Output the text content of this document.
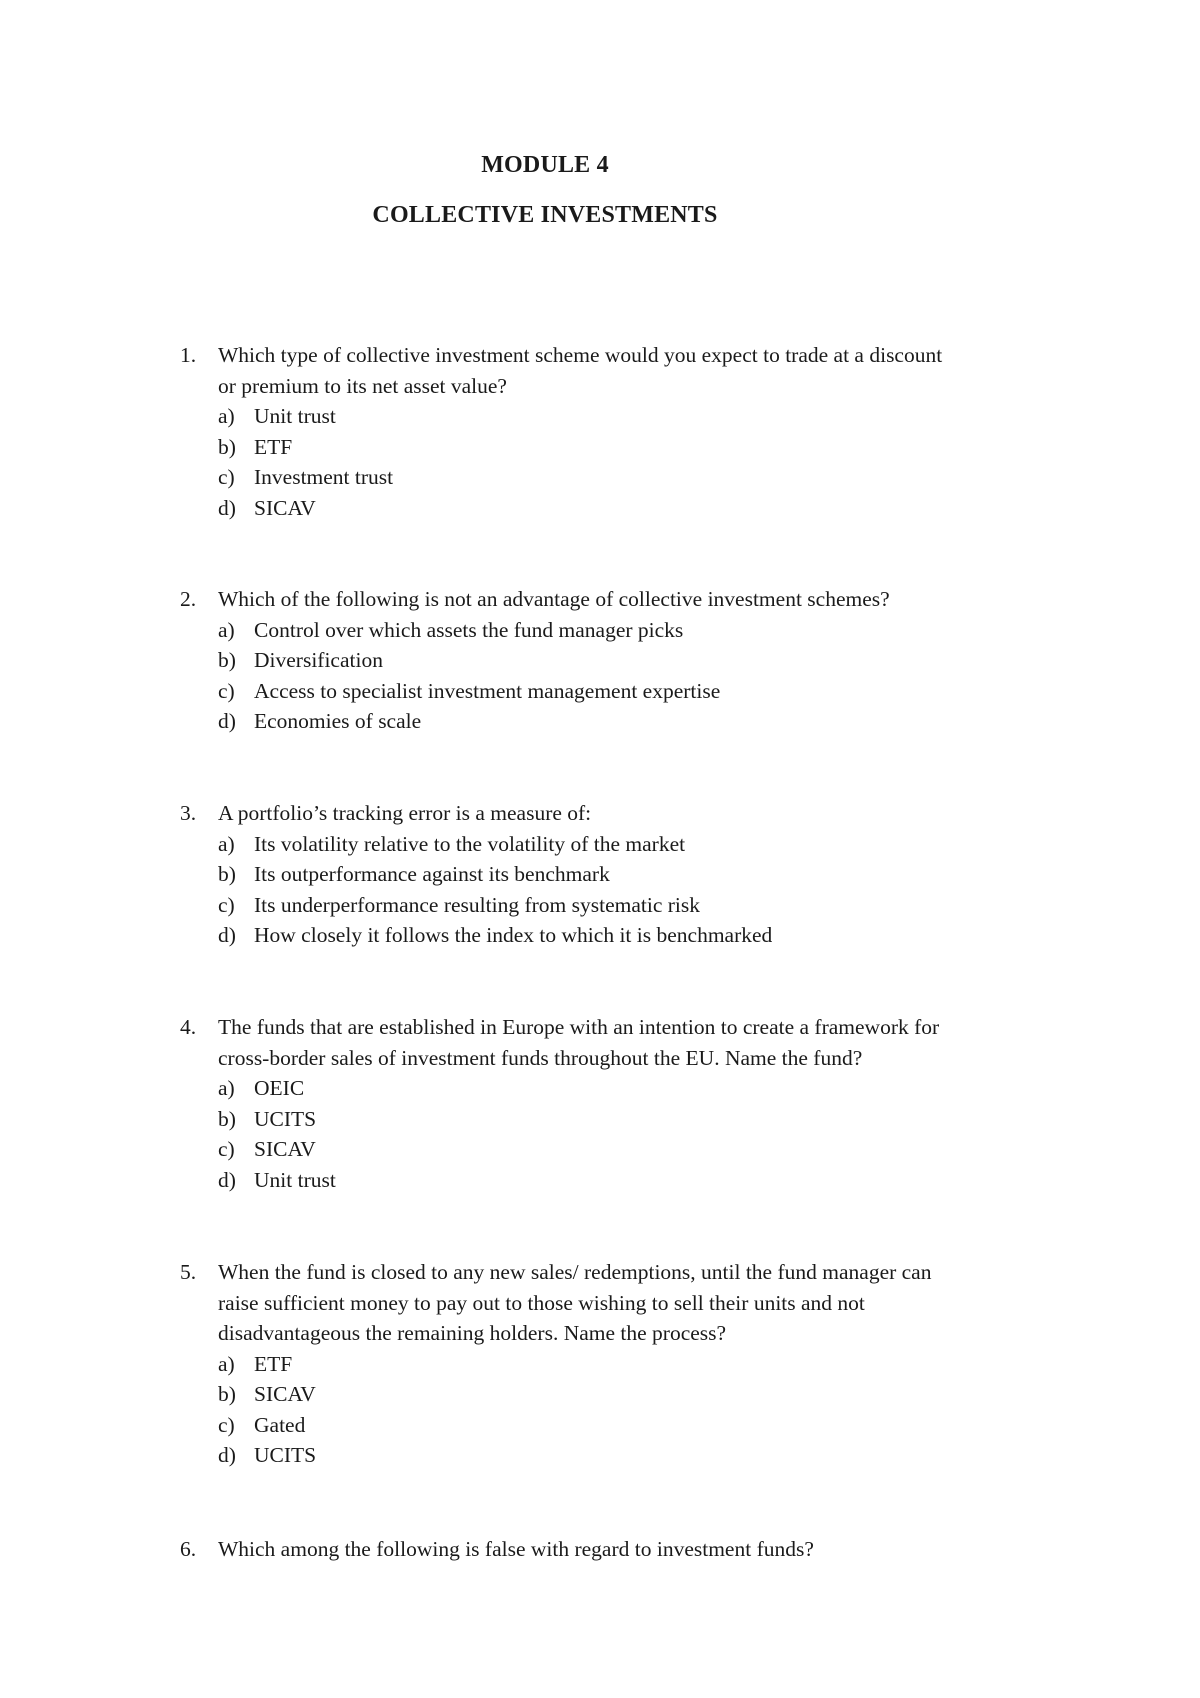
MODULE 4
COLLECTIVE INVESTMENTS
1. Which type of collective investment scheme would you expect to trade at a discount
or premium to its net asset value?
a) Unit trust
b) ETF
c) Investment trust
d) SICAV
2. Which of the following is not an advantage of collective investment schemes?
a) Control over which assets the fund manager picks
b) Diversification
c) Access to specialist investment management expertise
d) Economies of scale
3. A portfolio’s tracking error is a measure of:
a) Its volatility relative to the volatility of the market
b) Its outperformance against its benchmark
c) Its underperformance resulting from systematic risk
d) How closely it follows the index to which it is benchmarked
4. The funds that are established in Europe with an intention to create a framework for
cross-border sales of investment funds throughout the EU. Name the fund?
a) OEIC
b) UCITS
c) SICAV
d) Unit trust
5. When the fund is closed to any new sales/ redemptions, until the fund manager can
raise sufficient money to pay out to those wishing to sell their units and not
disadvantageous the remaining holders. Name the process?
a) ETF
b) SICAV
c) Gated
d) UCITS
6. Which among the following is false with regard to investment funds?
